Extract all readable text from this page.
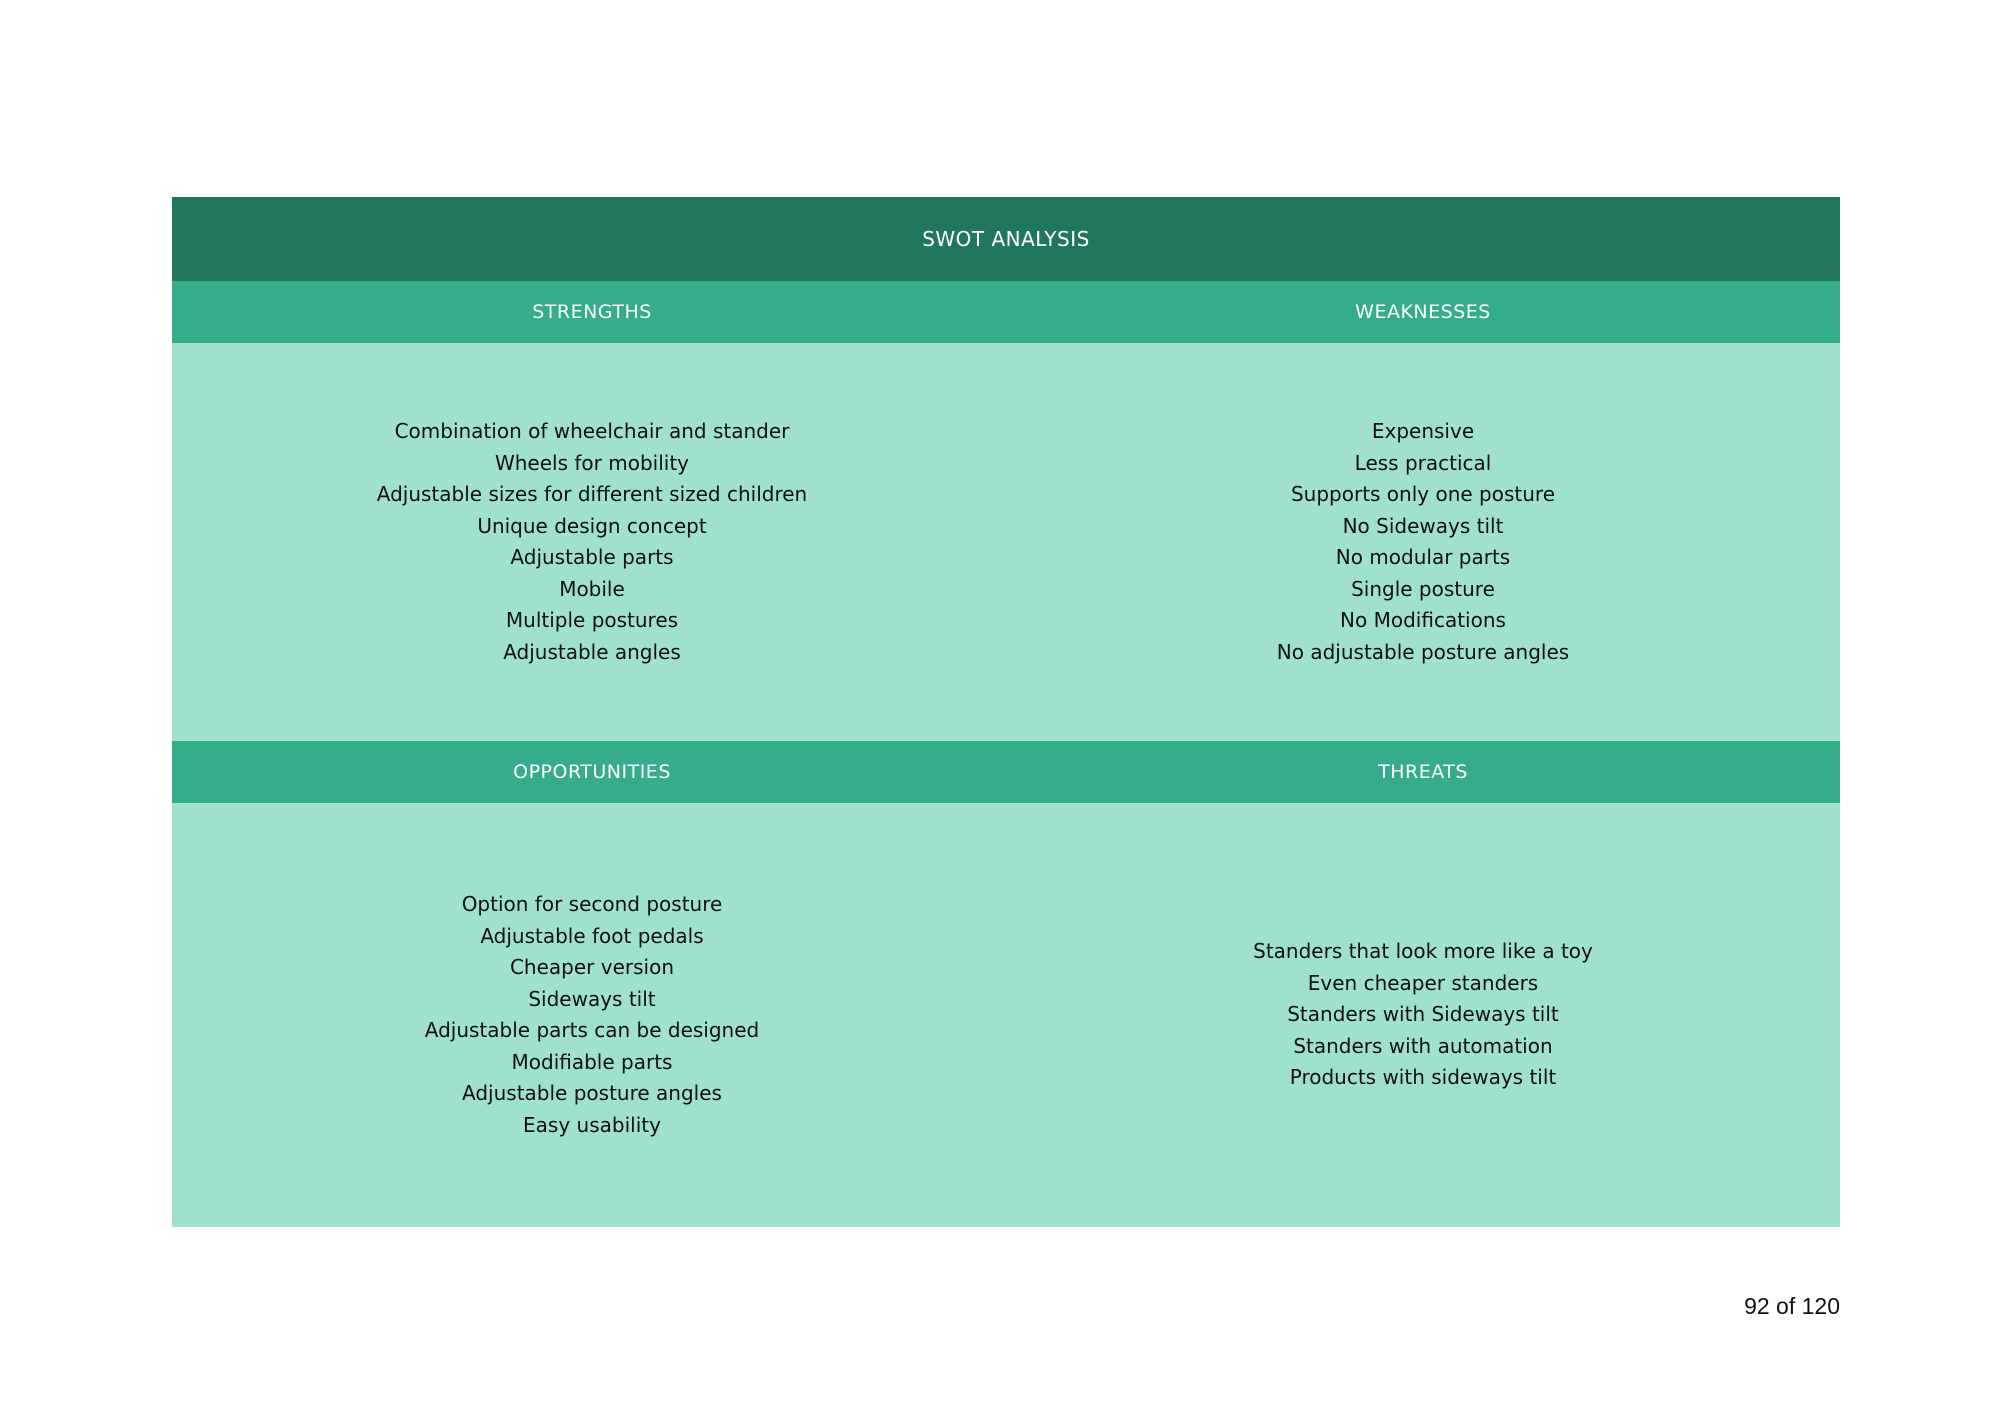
SWOT ANALYSIS
STRENGTHS	WEAKNESSES
Combination of wheelchair and stander
Wheels for mobility
Adjustable sizes for different sized children
Unique design concept
Adjustable parts
Mobile
Multiple postures
Adjustable angles
Expensive
Less practical
Supports only one posture
No Sideways tilt
No modular parts
Single posture
No Modifications
No adjustable posture angles
OPPORTUNITIES	THREATS
Option for second posture
Adjustable foot pedals
Cheaper version
Sideways tilt
Adjustable parts can be designed
Modifiable parts
Adjustable posture angles
Easy usability
Standers that look more like a toy
Even cheaper standers
Standers with Sideways tilt
Standers with automation
Products with sideways tilt
92 of 120
